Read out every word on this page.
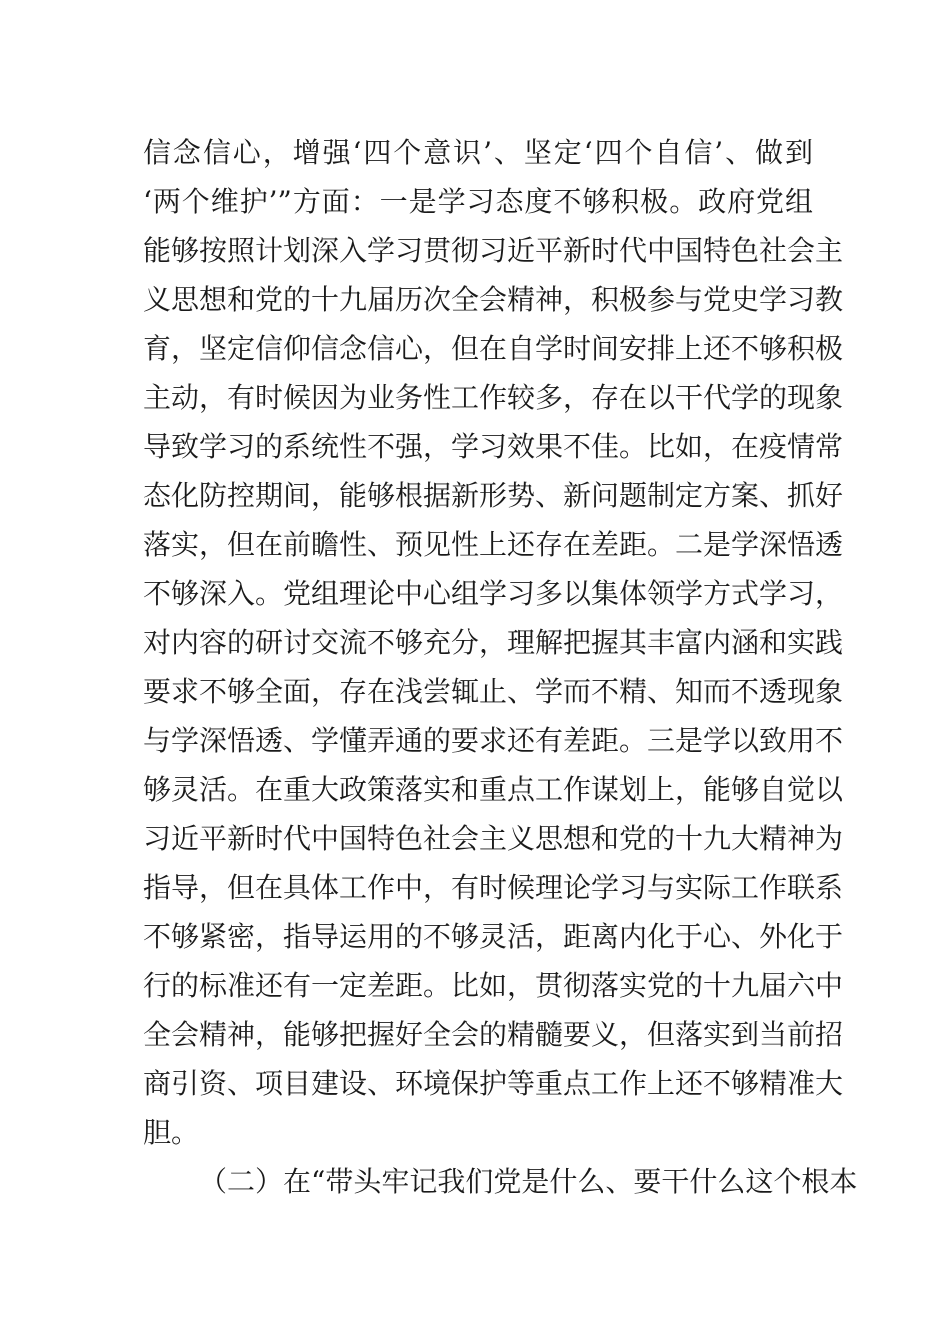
信念信心，增强‘四个意识’、坚定‘四个自信’、做到
‘两个维护’”方面：一是学习态度不够积极。政府党组
能够按照计划深入学习贯彻习近平新时代中国特色社会主
义思想和党的十九届历次全会精神，积极参与党史学习教
育，坚定信仰信念信心，但在自学时间安排上还不够积极
主动，有时候因为业务性工作较多，存在以干代学的现象
导致学习的系统性不强，学习效果不佳。比如，在疫情常
态化防控期间，能够根据新形势、新问题制定方案、抓好
落实，但在前瞻性、预见性上还存在差距。二是学深悟透
不够深入。党组理论中心组学习多以集体领学方式学习，
对内容的研讨交流不够充分，理解把握其丰富内涵和实践
要求不够全面，存在浅尝辄止、学而不精、知而不透现象
与学深悟透、学懂弄通的要求还有差距。三是学以致用不
够灵活。在重大政策落实和重点工作谋划上，能够自觉以
习近平新时代中国特色社会主义思想和党的十九大精神为
指导，但在具体工作中，有时候理论学习与实际工作联系
不够紧密，指导运用的不够灵活，距离内化于心、外化于
行的标准还有一定差距。比如，贯彻落实党的十九届六中
全会精神，能够把握好全会的精髓要义，但落实到当前招
商引资、项目建设、环境保护等重点工作上还不够精准大
胆。
（二）在“带头牢记我们党是什么、要干什么这个根本
